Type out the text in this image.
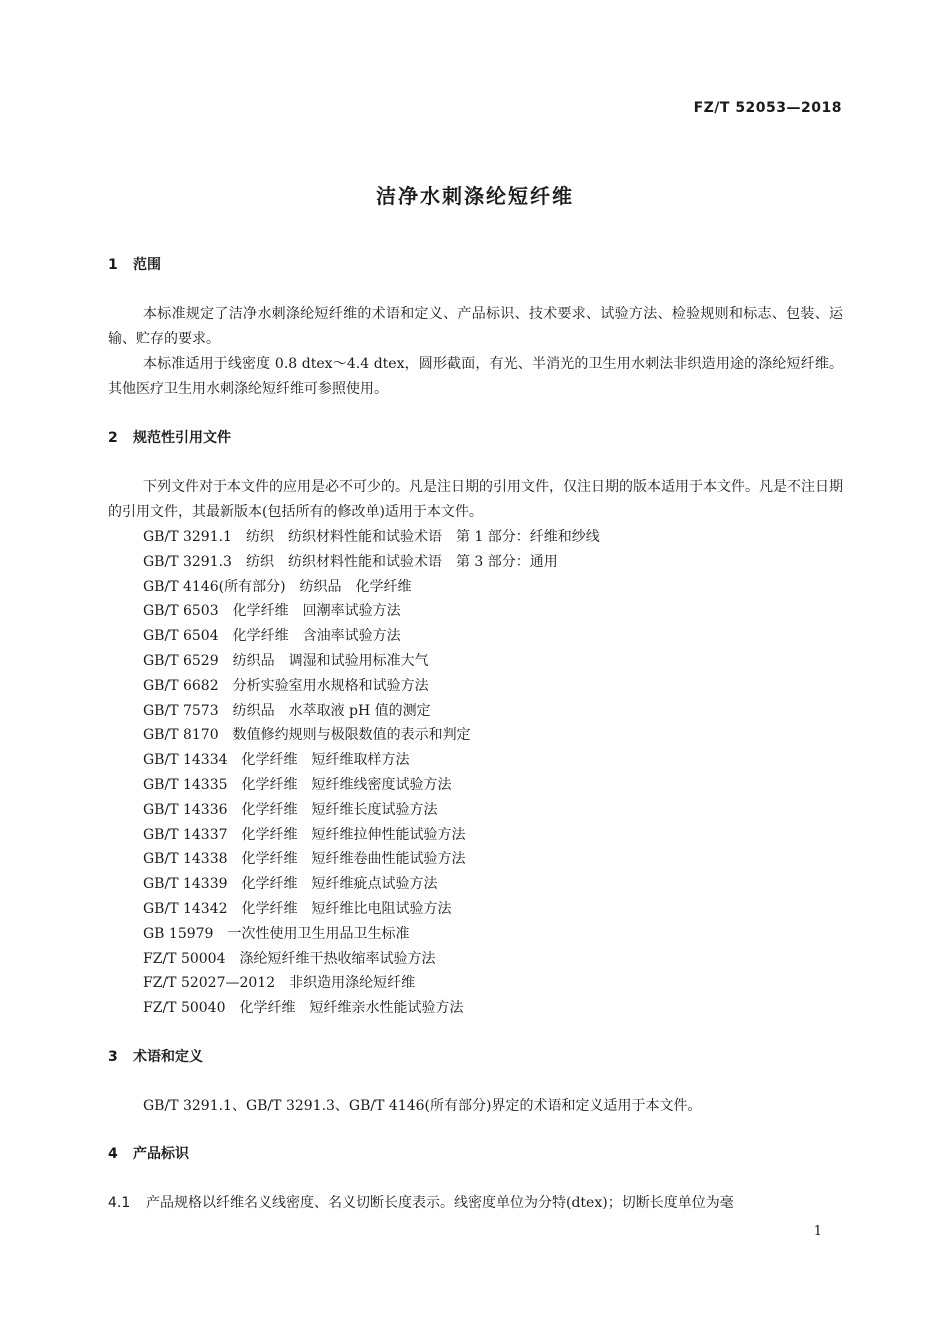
FZ/T 52053—2018
洁净水刺涤纶短纤维
1 范围

本标准规定了洁净水刺涤纶短纤维的术语和定义、产品标识、技术要求、试验方法、检验规则和标志、包装、运输、贮存的要求。

本标准适用于线密度 0.8 dtex～4.4 dtex，圆形截面，有光、半消光的卫生用水刺法非织造用途的涤纶短纤维。其他医疗卫生用水刺涤纶短纤维可参照使用。

2 规范性引用文件

下列文件对于本文件的应用是必不可少的。凡是注日期的引用文件，仅注日期的版本适用于本文件。凡是不注日期的引用文件，其最新版本(包括所有的修改单)适用于本文件。

GB/T 3291.1 纺织　纺织材料性能和试验术语　第 1 部分：纤维和纱线
GB/T 3291.3 纺织　纺织材料性能和试验术语　第 3 部分：通用
GB/T 4146(所有部分) 纺织品　化学纤维
GB/T 6503 化学纤维　回潮率试验方法
GB/T 6504 化学纤维　含油率试验方法
GB/T 6529 纺织品　调湿和试验用标准大气
GB/T 6682 分析实验室用水规格和试验方法
GB/T 7573 纺织品　水萃取液 pH 值的测定
GB/T 8170 数值修约规则与极限数值的表示和判定
GB/T 14334 化学纤维　短纤维取样方法
GB/T 14335 化学纤维　短纤维线密度试验方法
GB/T 14336 化学纤维　短纤维长度试验方法
GB/T 14337 化学纤维　短纤维拉伸性能试验方法
GB/T 14338 化学纤维　短纤维卷曲性能试验方法
GB/T 14339 化学纤维　短纤维疵点试验方法
GB/T 14342 化学纤维　短纤维比电阻试验方法
GB 15979 一次性使用卫生用品卫生标准
FZ/T 50004 涤纶短纤维干热收缩率试验方法
FZ/T 52027—2012 非织造用涤纶短纤维
FZ/T 50040 化学纤维　短纤维亲水性能试验方法
3 术语和定义

GB/T 3291.1、GB/T 3291.3、GB/T 4146(所有部分)界定的术语和定义适用于本文件。

4 产品标识

4.1 产品规格以纤维名义线密度、名义切断长度表示。线密度单位为分特(dtex)；切断长度单位为毫

1
